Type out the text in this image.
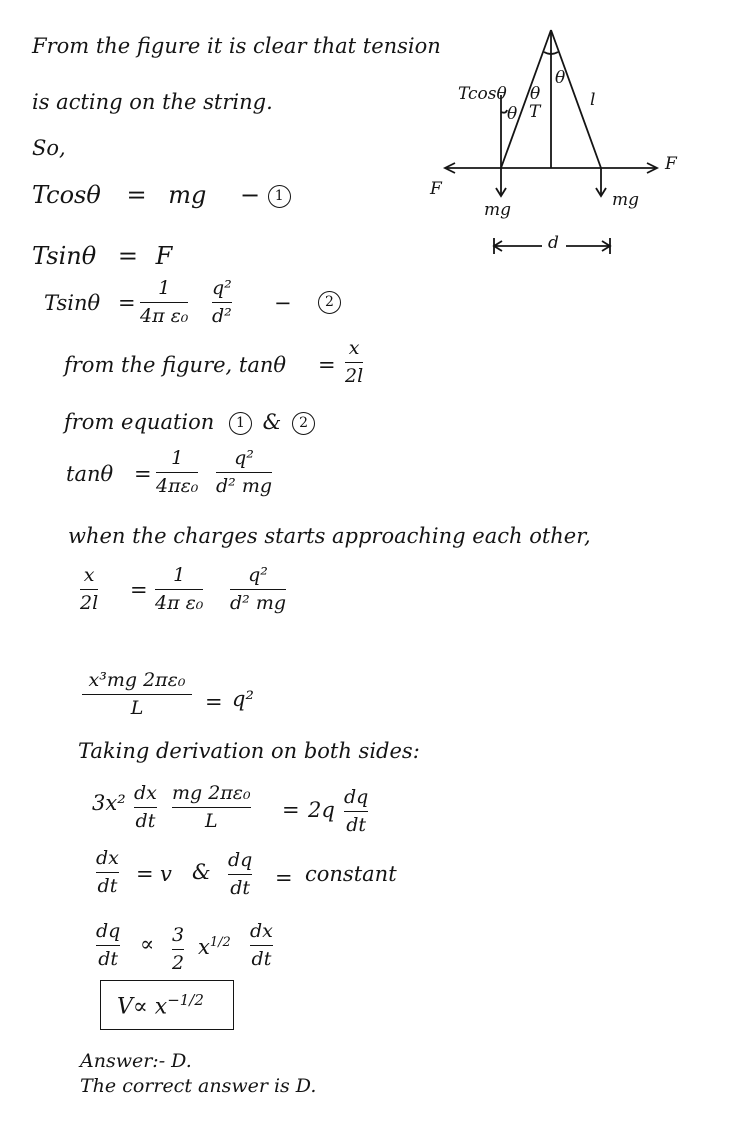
Tcosθ
θ
θ
θ
T
l
F
F
mg	mg
d
From the figure it is clear that tension
is acting on the string.
So,
Tcosθ = mg − 1
Tsinθ = F
Tsinθ =
1
4π ε₀
q²
d²
−	2
from the figure, tanθ =
x
2l
from equation 1 & 2
tanθ =
1
4πε₀
q²
d² mg
when the charges starts approaching each other,
x
2l
=
1
4π ε₀
q²
d² mg
x³mg 2πε₀
L	= q²
Taking derivation on both sides:
3x² dx
dt
mg 2πε₀
L	= 2q
dq
dt
dx
dt
= v & dq
dt = constant
dq
dt
∝ 3
2
$x^{1/2}$
dx
dt
$V\propto x^{-1/2}$
Answer:- D.
The correct answer is D.
